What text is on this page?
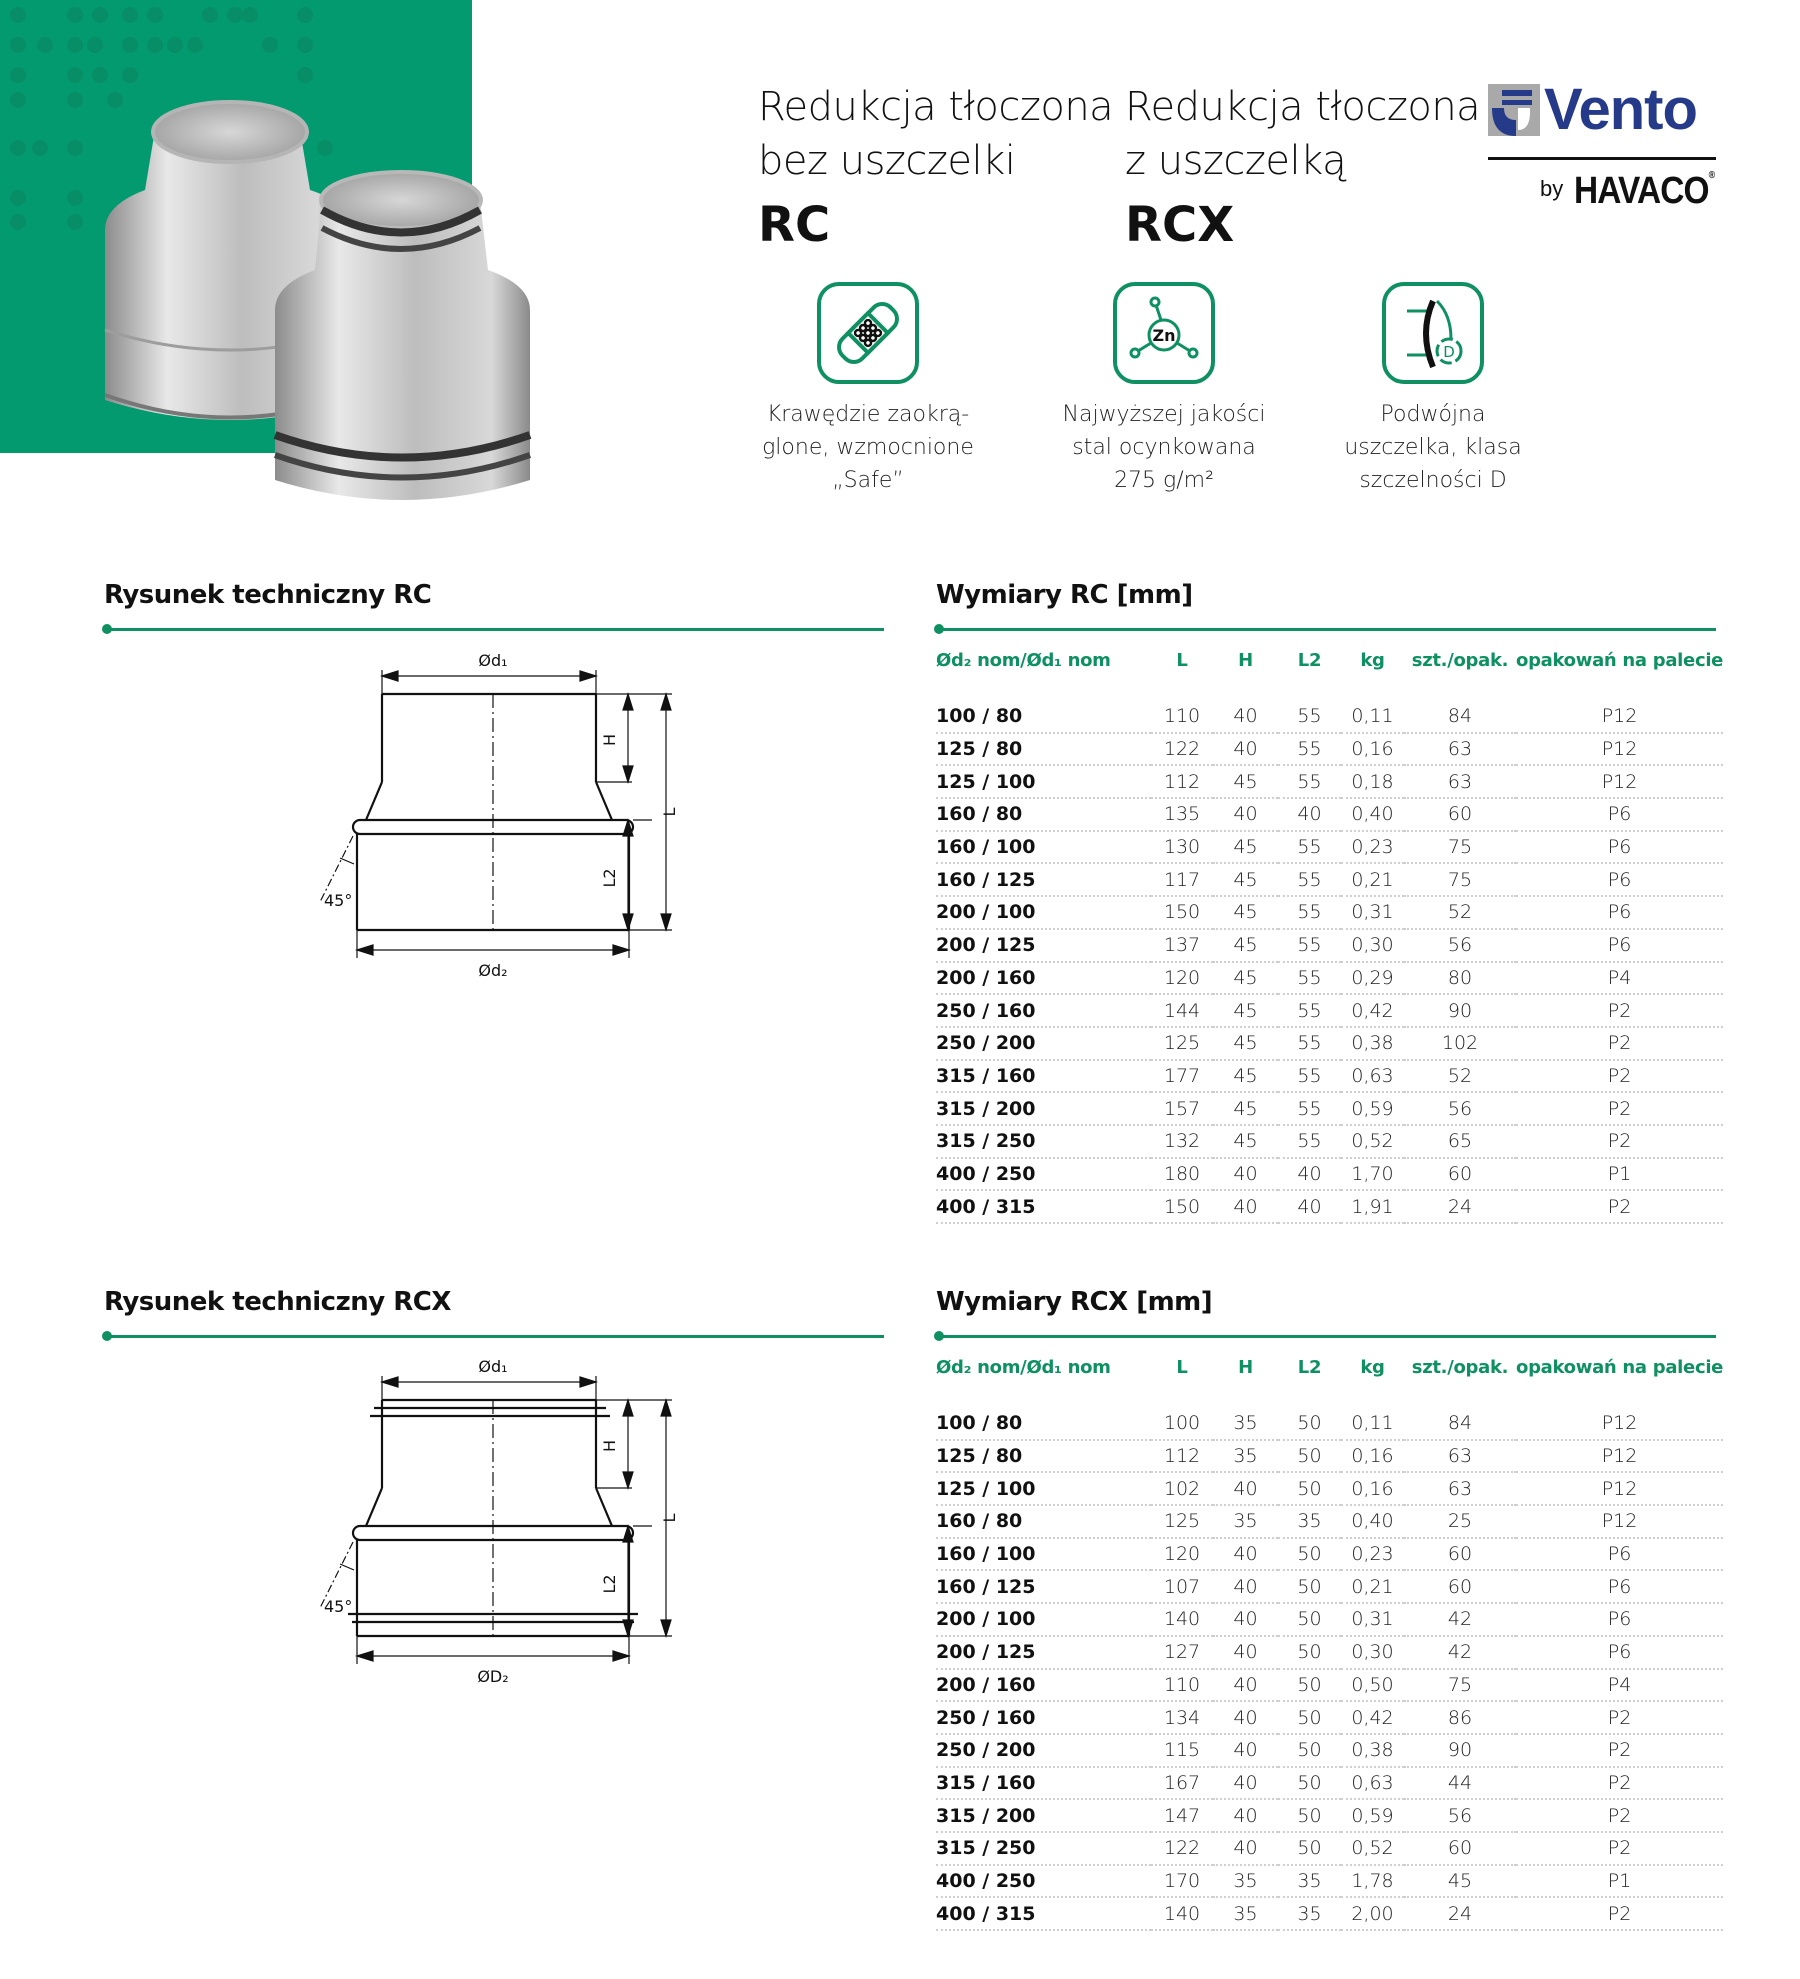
Redukcja tłoczona
bez uszczelki
RC
Redukcja tłoczona
z uszczelką
RCX
Vento
by HAVACO®
Krawędzie zaokrą-
glone, wzmocnione
„Safe”
Zn
Najwyższej jakości
stal ocynkowana
275 g/m²
D
Podwójna
uszczelka, klasa
szczelności D
Rysunek techniczny RC	Wymiary RC [mm]
Ød₁
Ød₂
H
L
L2
45°
Ød₂ nom/Ød₁ nom	L	H	L2	kg	szt./opak.	opakowań na palecie

100 / 80	110	40	55	0,11	84	P12
125 / 80	122	40	55	0,16	63	P12
125 / 100	112	45	55	0,18	63	P12
160 / 80	135	40	40	0,40	60	P6
160 / 100	130	45	55	0,23	75	P6
160 / 125	117	45	55	0,21	75	P6
200 / 100	150	45	55	0,31	52	P6
200 / 125	137	45	55	0,30	56	P6
200 / 160	120	45	55	0,29	80	P4
250 / 160	144	45	55	0,42	90	P2
250 / 200	125	45	55	0,38	102	P2
315 / 160	177	45	55	0,63	52	P2
315 / 200	157	45	55	0,59	56	P2
315 / 250	132	45	55	0,52	65	P2
400 / 250	180	40	40	1,70	60	P1
400 / 315	150	40	40	1,91	24	P2
Rysunek techniczny RCX	Wymiary RCX [mm]
Ød₁
ØD₂
H
L
L2
45°
Ød₂ nom/Ød₁ nom	L	H	L2	kg	szt./opak.	opakowań na palecie

100 / 80	100	35	50	0,11	84	P12
125 / 80	112	35	50	0,16	63	P12
125 / 100	102	40	50	0,16	63	P12
160 / 80	125	35	35	0,40	25	P12
160 / 100	120	40	50	0,23	60	P6
160 / 125	107	40	50	0,21	60	P6
200 / 100	140	40	50	0,31	42	P6
200 / 125	127	40	50	0,30	42	P6
200 / 160	110	40	50	0,50	75	P4
250 / 160	134	40	50	0,42	86	P2
250 / 200	115	40	50	0,38	90	P2
315 / 160	167	40	50	0,63	44	P2
315 / 200	147	40	50	0,59	56	P2
315 / 250	122	40	50	0,52	60	P2
400 / 250	170	35	35	1,78	45	P1
400 / 315	140	35	35	2,00	24	P2
